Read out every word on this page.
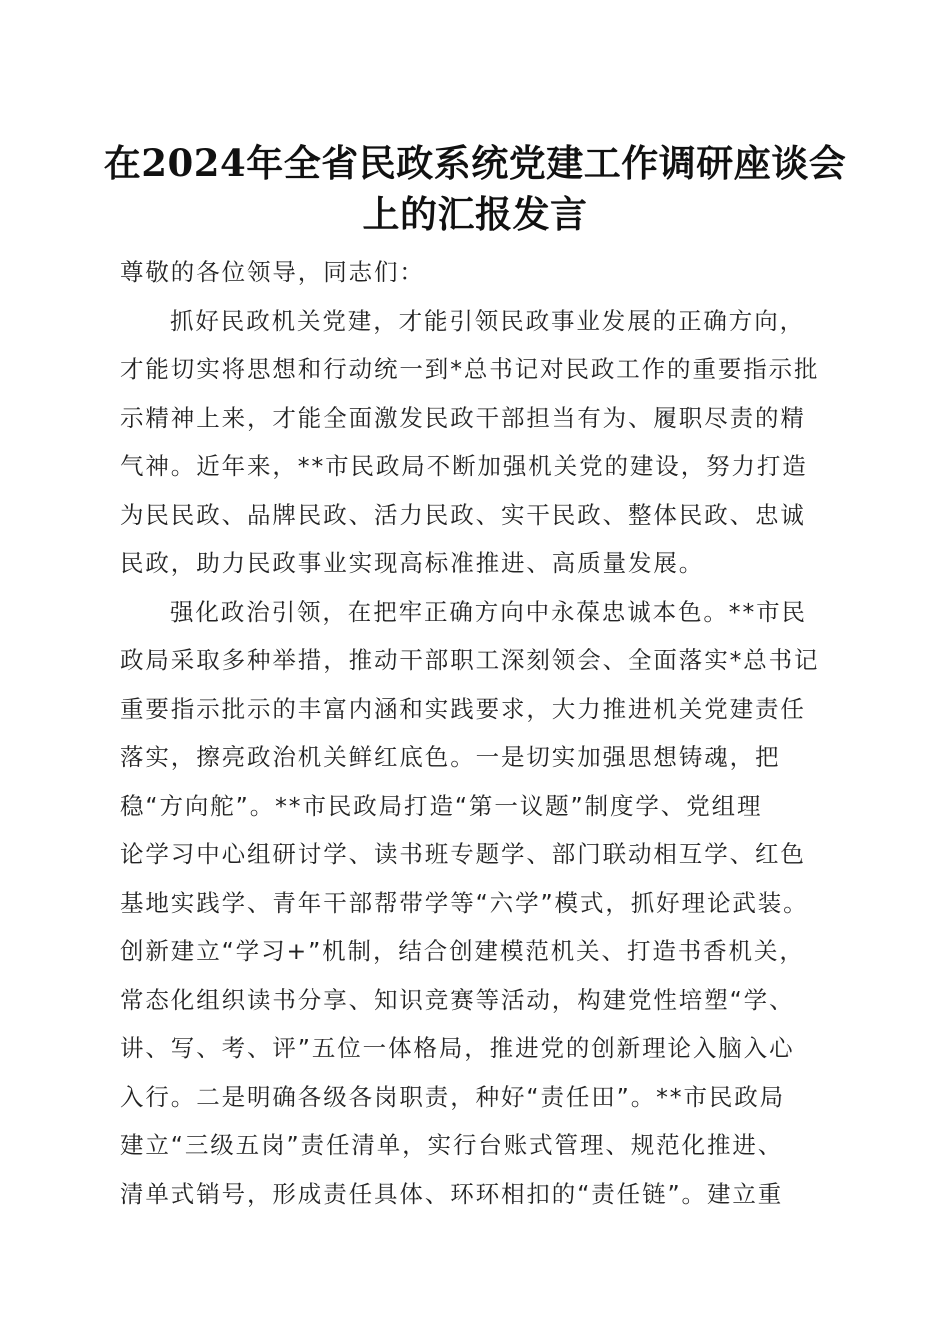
在2024年全省民政系统党建工作调研座谈会
上的汇报发言
尊敬的各位领导，同志们：
抓好民政机关党建，才能引领民政事业发展的正确方向，
才能切实将思想和行动统一到*总书记对民政工作的重要指示批
示精神上来，才能全面激发民政干部担当有为、履职尽责的精
气神。近年来，**市民政局不断加强机关党的建设，努力打造
为民民政、品牌民政、活力民政、实干民政、整体民政、忠诚
民政，助力民政事业实现高标准推进、高质量发展。
强化政治引领，在把牢正确方向中永葆忠诚本色。**市民
政局采取多种举措，推动干部职工深刻领会、全面落实*总书记
重要指示批示的丰富内涵和实践要求，大力推进机关党建责任
落实，擦亮政治机关鲜红底色。一是切实加强思想铸魂，把
稳“方向舵”。**市民政局打造“第一议题”制度学、党组理
论学习中心组研讨学、读书班专题学、部门联动相互学、红色
基地实践学、青年干部帮带学等“六学”模式，抓好理论武装。
创新建立“学习+”机制，结合创建模范机关、打造书香机关，
常态化组织读书分享、知识竞赛等活动，构建党性培塑“学、
讲、写、考、评”五位一体格局，推进党的创新理论入脑入心
入行。二是明确各级各岗职责，种好“责任田”。**市民政局
建立“三级五岗”责任清单，实行台账式管理、规范化推进、
清单式销号，形成责任具体、环环相扣的“责任链”。建立重
